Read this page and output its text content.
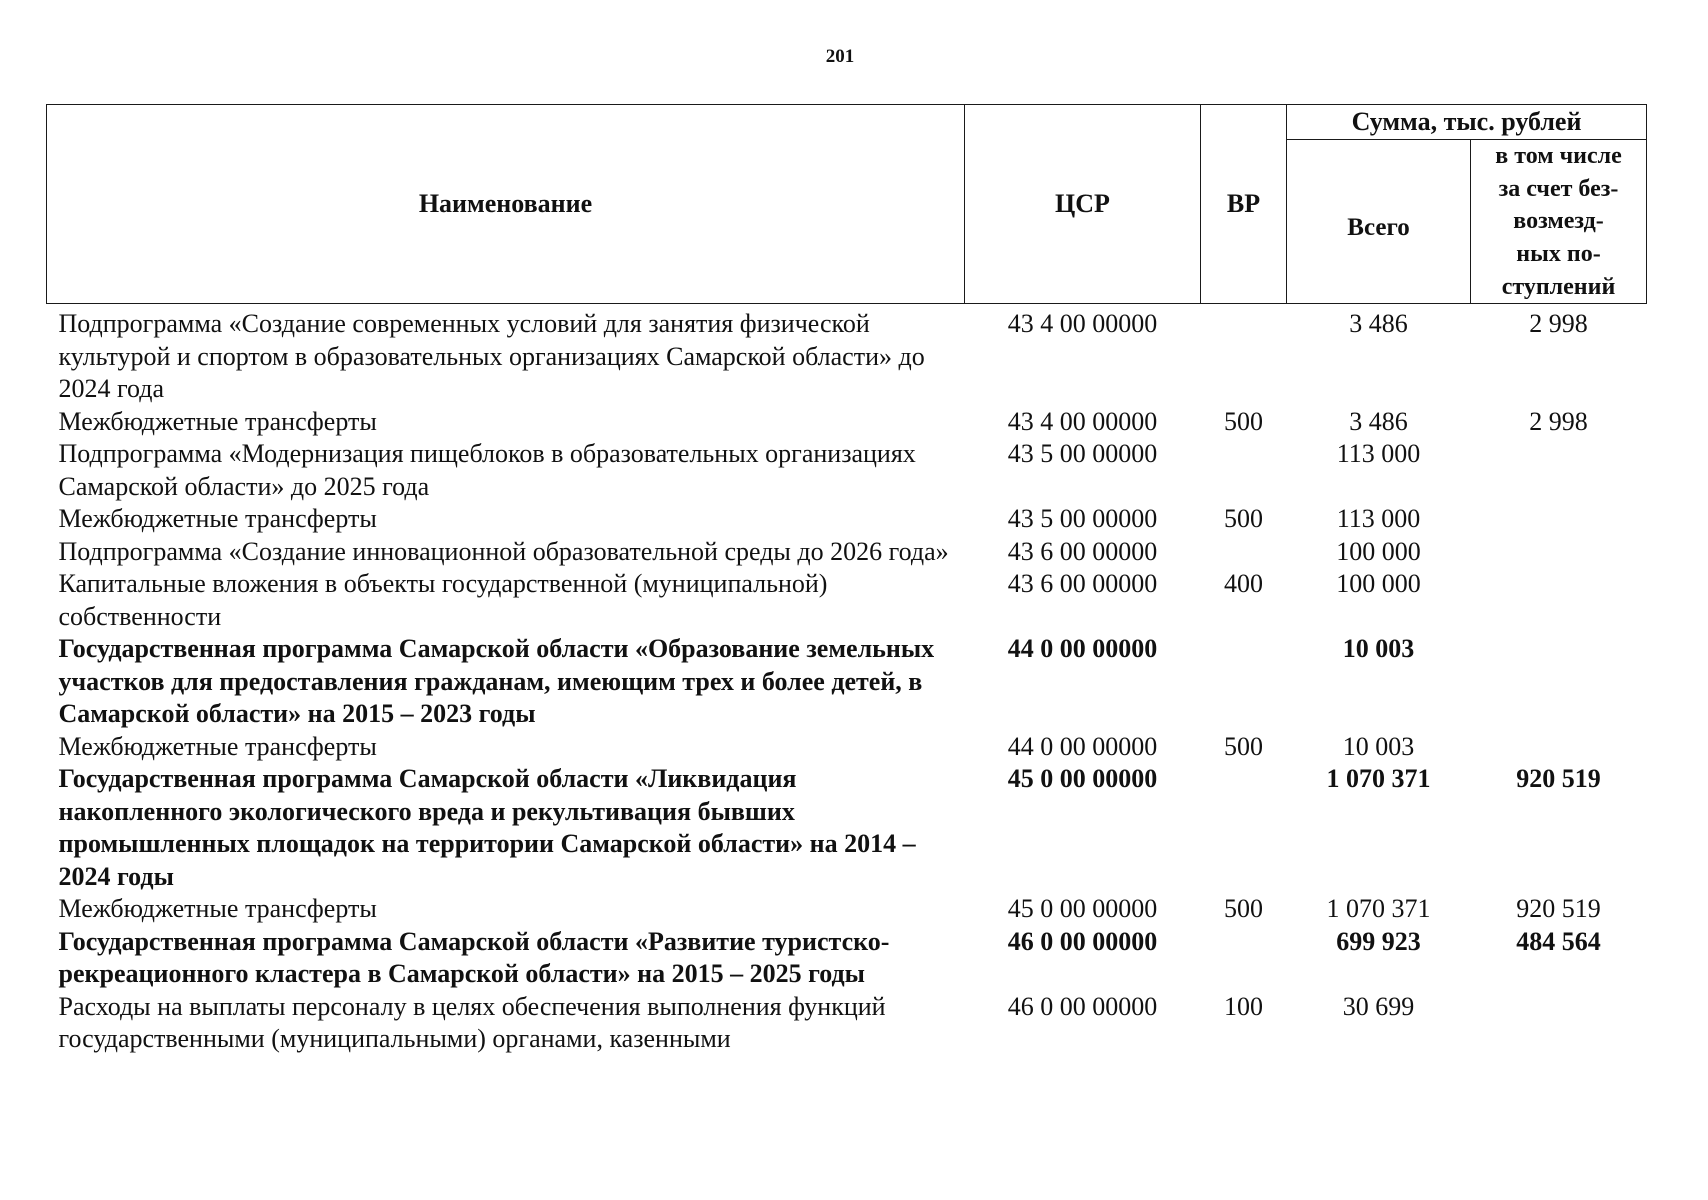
201
Наименование	ЦСР	ВР	Сумма, тыс. рублей	
			Всего	в том числе
за счет без-
возмезд-
ных по-
ступлений

Подпрограмма «Создание современных условий для занятия физической культурой и спортом в образовательных организациях Самарской области» до 2024 года	43 4 00 00000		3 486	2 998
Межбюджетные трансферты	43 4 00 00000	500	3 486	2 998
Подпрограмма «Модернизация пищеблоков в образовательных организациях Самарской области» до 2025 года	43 5 00 00000		113 000	
Межбюджетные трансферты	43 5 00 00000	500	113 000	
Подпрограмма «Создание инновационной образовательной среды до 2026 года»	43 6 00 00000		100 000	
Капитальные вложения в объекты государственной (муниципальной) собственности	43 6 00 00000	400	100 000	
Государственная программа Самарской области «Образование земельных участков для предоставления гражданам, имеющим трех и более детей, в Самарской области» на 2015 – 2023 годы	44 0 00 00000		10 003	
Межбюджетные трансферты	44 0 00 00000	500	10 003	
Государственная программа Самарской области «Ликвидация накопленного экологического вреда и рекультивация бывших промышленных площадок на территории Самарской области» на 2014 – 2024 годы	45 0 00 00000		1 070 371	920 519
Межбюджетные трансферты	45 0 00 00000	500	1 070 371	920 519
Государственная программа Самарской области «Развитие туристско-рекреационного кластера в Самарской области» на 2015 – 2025 годы	46 0 00 00000		699 923	484 564
Расходы на выплаты персоналу в целях обеспечения выполнения функций государственными (муниципальными) органами, казенными	46 0 00 00000	100	30 699	
